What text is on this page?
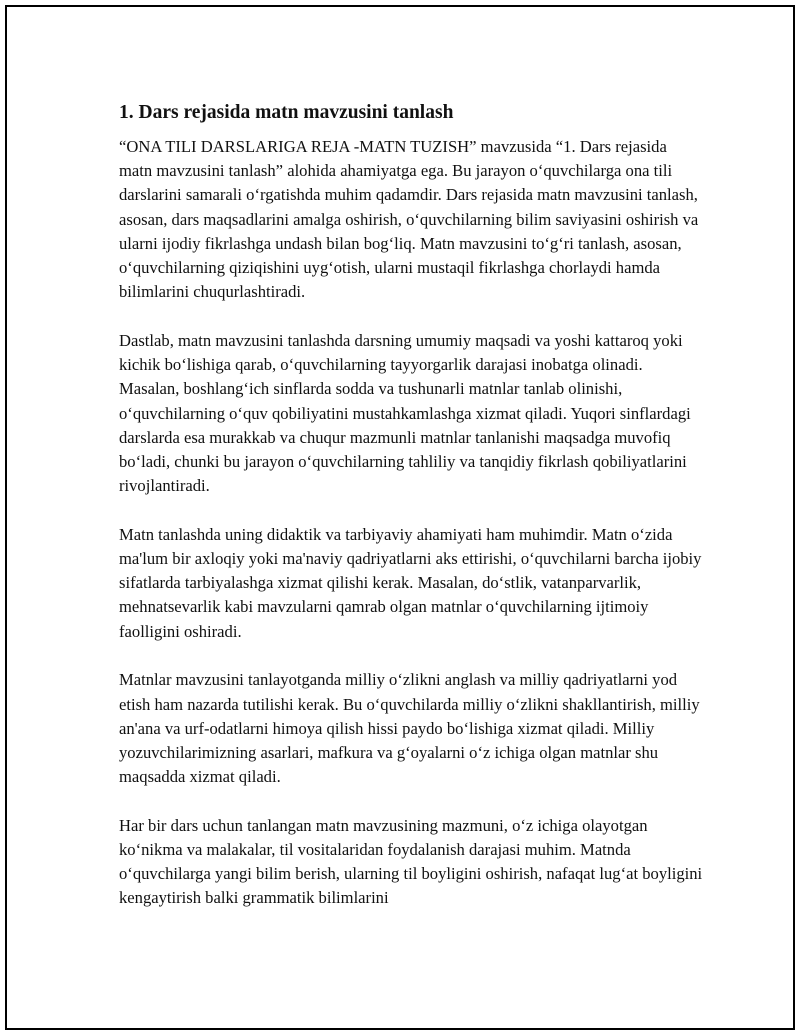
1. Dars rejasida matn mavzusini tanlash

“ONA TILI DARSLARIGA REJA -MATN TUZISH” mavzusida “1. Dars rejasida matn mavzusini tanlash” alohida ahamiyatga ega. Bu jarayon o‘quvchilarga ona tili darslarini samarali o‘rgatishda muhim qadamdir. Dars rejasida matn mavzusini tanlash, asosan, dars maqsadlarini amalga oshirish, o‘quvchilarning bilim saviyasini oshirish va ularni ijodiy fikrlashga undash bilan bog‘liq. Matn mavzusini to‘g‘ri tanlash, asosan, o‘quvchilarning qiziqishini uyg‘otish, ularni mustaqil fikrlashga chorlaydi hamda bilimlarini chuqurlashtiradi.

Dastlab, matn mavzusini tanlashda darsning umumiy maqsadi va yoshi kattaroq yoki kichik bo‘lishiga qarab, o‘quvchilarning tayyorgarlik darajasi inobatga olinadi. Masalan, boshlang‘ich sinflarda sodda va tushunarli matnlar tanlab olinishi, o‘quvchilarning o‘quv qobiliyatini mustahkamlashga xizmat qiladi. Yuqori sinflardagi darslarda esa murakkab va chuqur mazmunli matnlar tanlanishi maqsadga muvofiq bo‘ladi, chunki bu jarayon o‘quvchilarning tahliliy va tanqidiy fikrlash qobiliyatlarini rivojlantiradi.

Matn tanlashda uning didaktik va tarbiyaviy ahamiyati ham muhimdir. Matn o‘zida ma'lum bir axloqiy yoki ma'naviy qadriyatlarni aks ettirishi, o‘quvchilarni barcha ijobiy sifatlarda tarbiyalashga xizmat qilishi kerak. Masalan, do‘stlik, vatanparvarlik, mehnatsevarlik kabi mavzularni qamrab olgan matnlar o‘quvchilarning ijtimoiy faolligini oshiradi.

Matnlar mavzusini tanlayotganda milliy o‘zlikni anglash va milliy qadriyatlarni yod etish ham nazarda tutilishi kerak. Bu o‘quvchilarda milliy o‘zlikni shakllantirish, milliy an'ana va urf-odatlarni himoya qilish hissi paydo bo‘lishiga xizmat qiladi. Milliy yozuvchilarimizning asarlari, mafkura va g‘oyalarni o‘z ichiga olgan matnlar shu maqsadda xizmat qiladi.

Har bir dars uchun tanlangan matn mavzusining mazmuni, o‘z ichiga olayotgan ko‘nikma va malakalar, til vositalaridan foydalanish darajasi muhim. Matnda o‘quvchilarga yangi bilim berish, ularning til boyligini oshirish, nafaqat lug‘at boyligini kengaytirish balki grammatik bilimlarini
